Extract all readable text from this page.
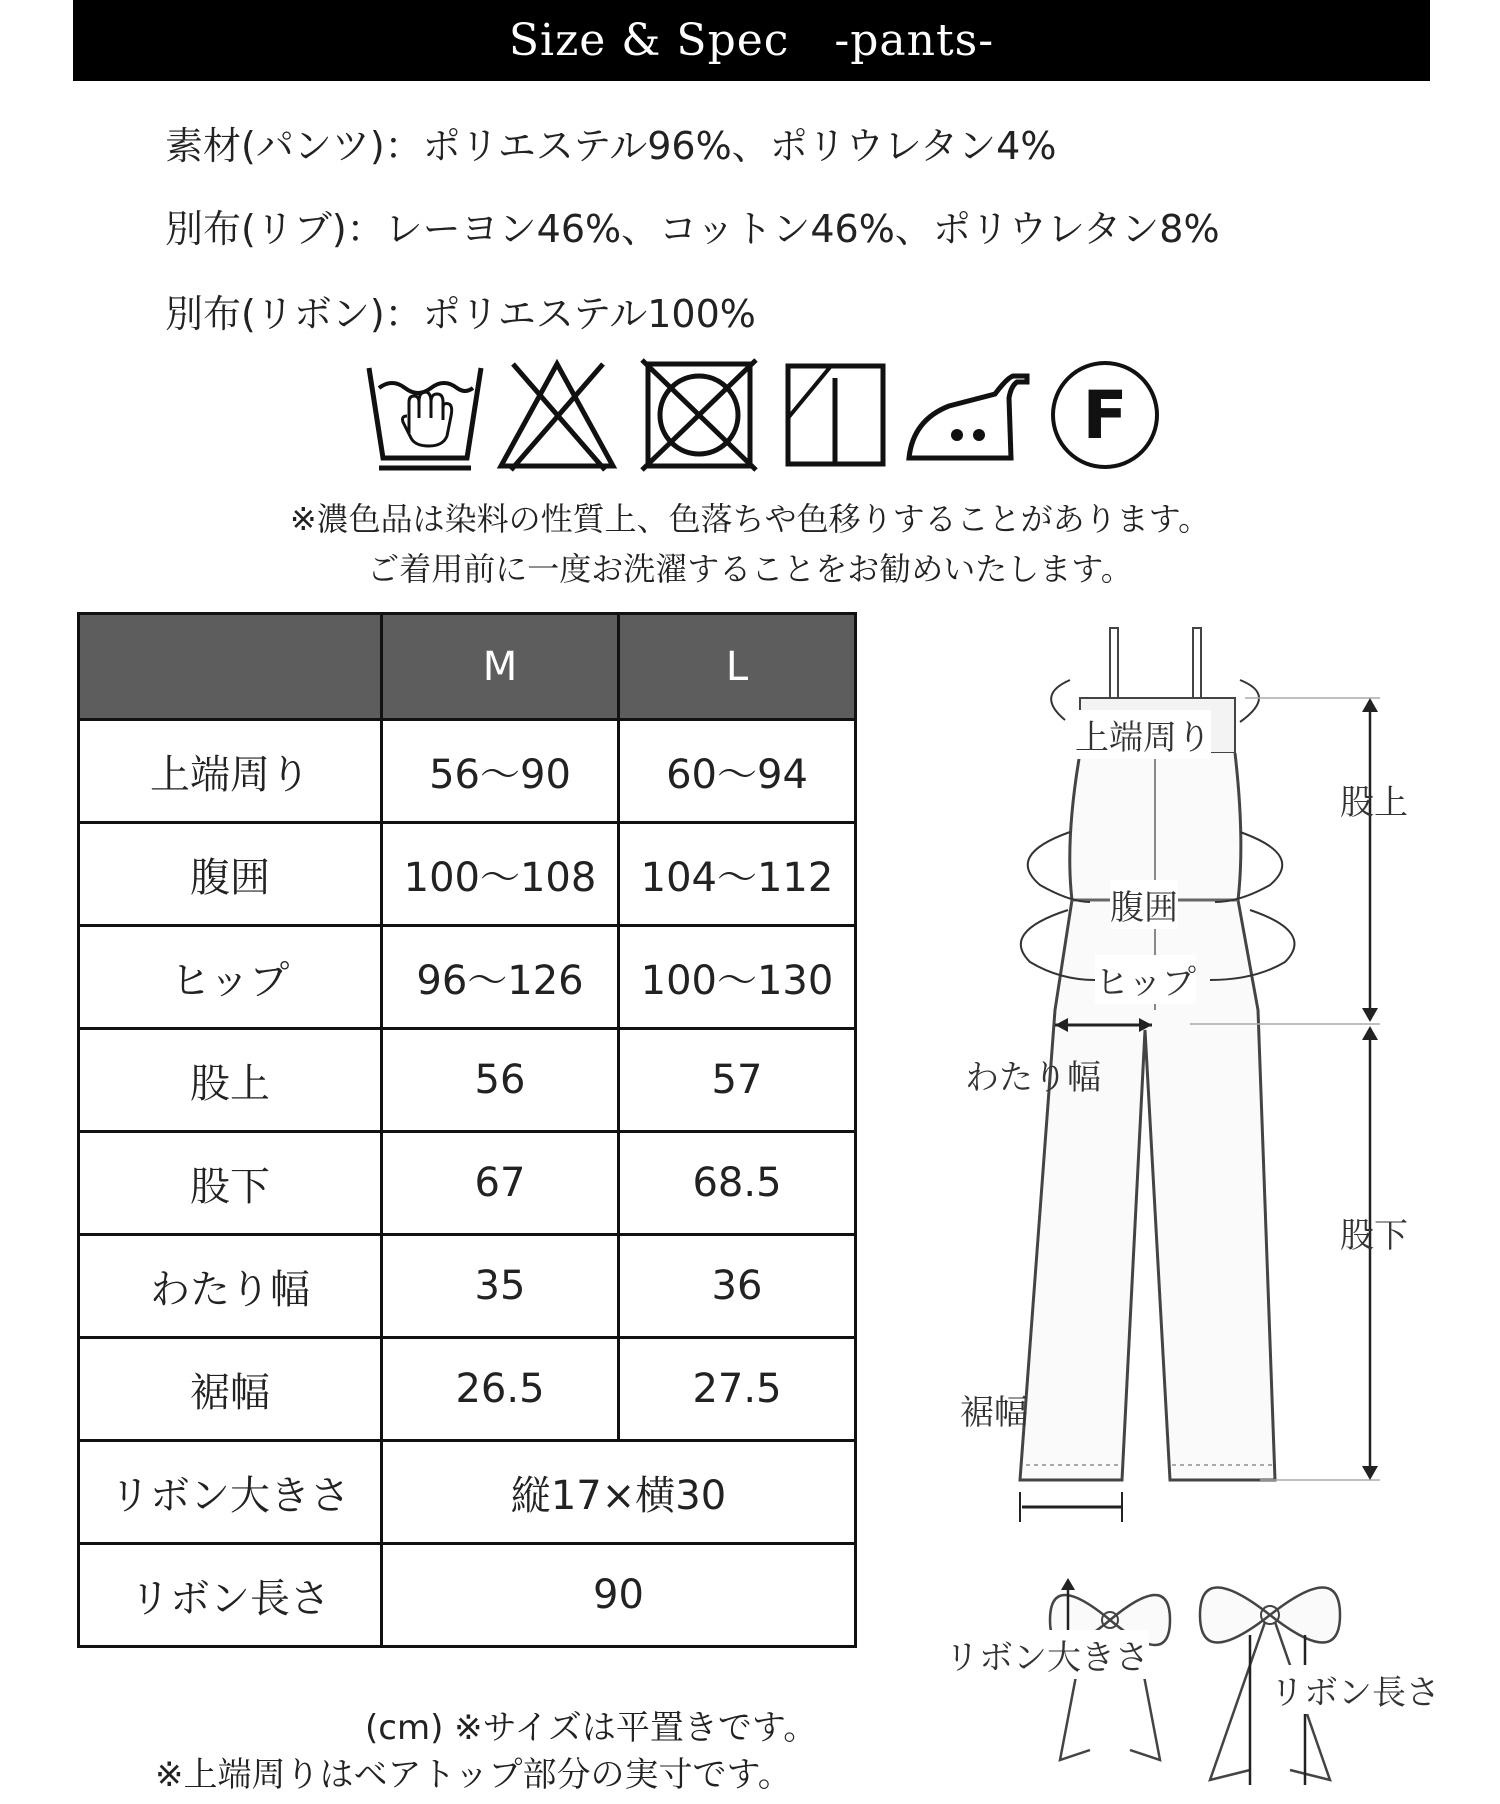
Size & Spec   -pants-
素材(パンツ)：ポリエステル96%、ポリウレタン4%
別布(リブ)：レーヨン46%、コットン46%、ポリウレタン8%
別布(リボン)：ポリエステル100%
F
※濃色品は染料の性質上、色落ちや色移りすることがあります。
ご着用前に一度お洗濯することをお勧めいたします。
	M	L
上端周り	56〜90	60〜94
腹囲	100〜108	104〜112
ヒップ	96〜126	100〜130
股上	56	57
股下	67	68.5
わたり幅	35	36
裾幅	26.5	27.5
リボン大きさ	縦17×横30	
リボン長さ	90	
(cm) ※サイズは平置きです。
※上端周りはベアトップ部分の実寸です。
上端周り
腹囲
ヒップ
股上
わたり幅
股下
裾幅
リボン大きさ
リボン長さ
